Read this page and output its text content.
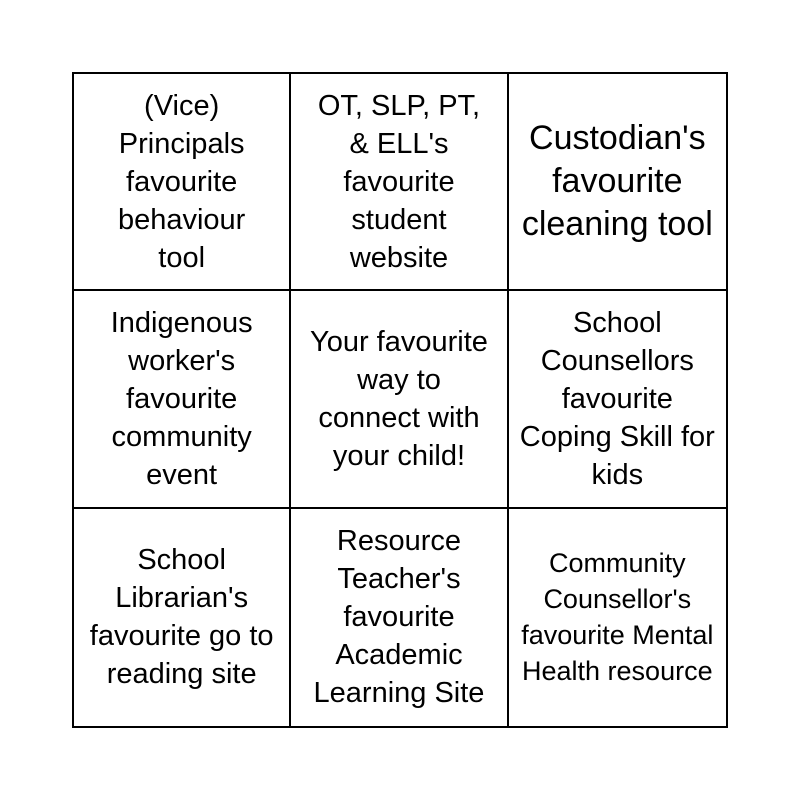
(Vice) Principals favourite behaviour tool
OT, SLP, PT, & ELL's favourite student website
Custodian's favourite cleaning tool
Indigenous worker's favourite community event
Your favourite way to connect with your child!
School Counsellors favourite Coping Skill for kids
School Librarian's favourite go to reading site
Resource Teacher's favourite Academic Learning Site
Community Counsellor's favourite Mental Health resource
